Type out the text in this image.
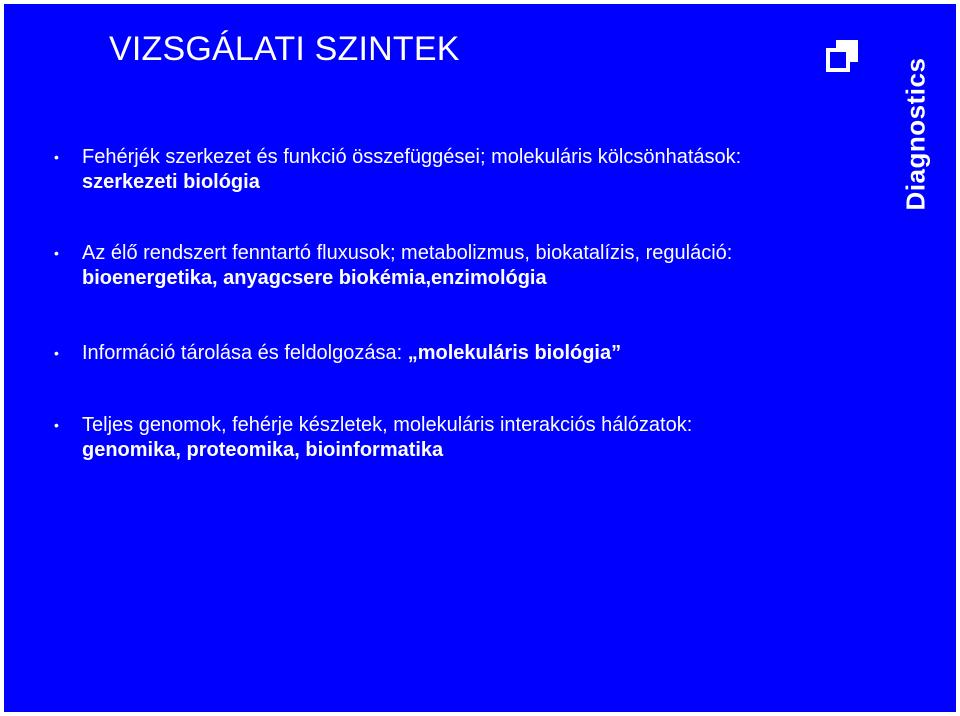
VIZSGÁLATI SZINTEK
Diagnostics
•	Fehérjék szerkezet és funkció összefüggései; molekuláris kölcsönhatások:
szerkezeti biológia
•	Az élő rendszert fenntartó fluxusok; metabolizmus, biokatalízis, reguláció:
bioenergetika, anyagcsere biokémia,enzimológia
•	Információ tárolása és feldolgozása: „molekuláris biológia”
•	Teljes genomok, fehérje készletek, molekuláris interakciós hálózatok:
genomika, proteomika, bioinformatika
